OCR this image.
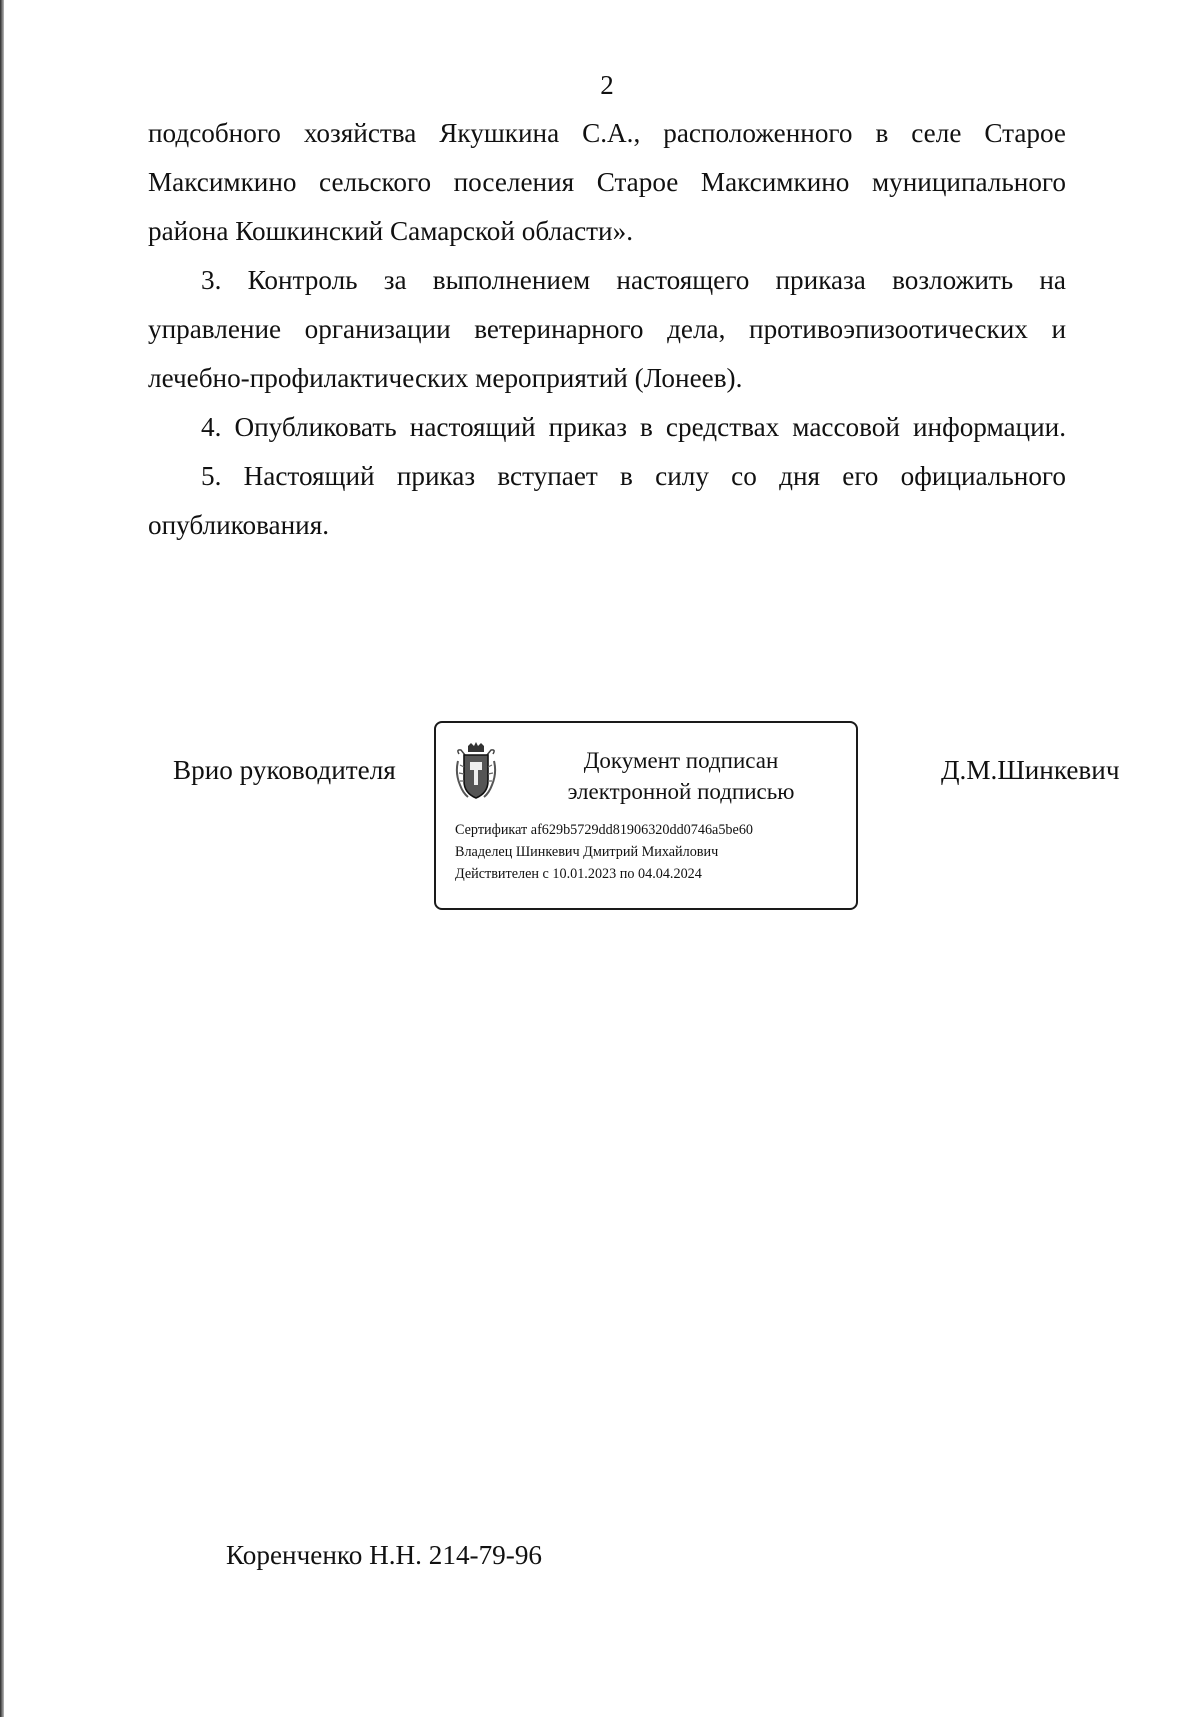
2
подсобного хозяйства Якушкина С.А., расположенного в селе Старое
Максимкино сельского поселения Старое Максимкино муниципального
района Кошкинский Самарской области».
3. Контроль за выполнением настоящего приказа возложить на
управление организации ветеринарного дела, противоэпизоотических и
лечебно-профилактических мероприятий (Лонеев).
4. Опубликовать настоящий приказ в средствах массовой информации.
5. Настоящий приказ вступает в силу со дня его официального
опубликования.
Врио руководителя	Документ подписан
электронной подписью
Сертификат af629b5729dd81906320dd0746a5be60
Владелец Шинкевич Дмитрий Михайлович
Действителен с 10.01.2023 по 04.04.2024
Д.М.Шинкевич
Коренченко Н.Н. 214-79-96
